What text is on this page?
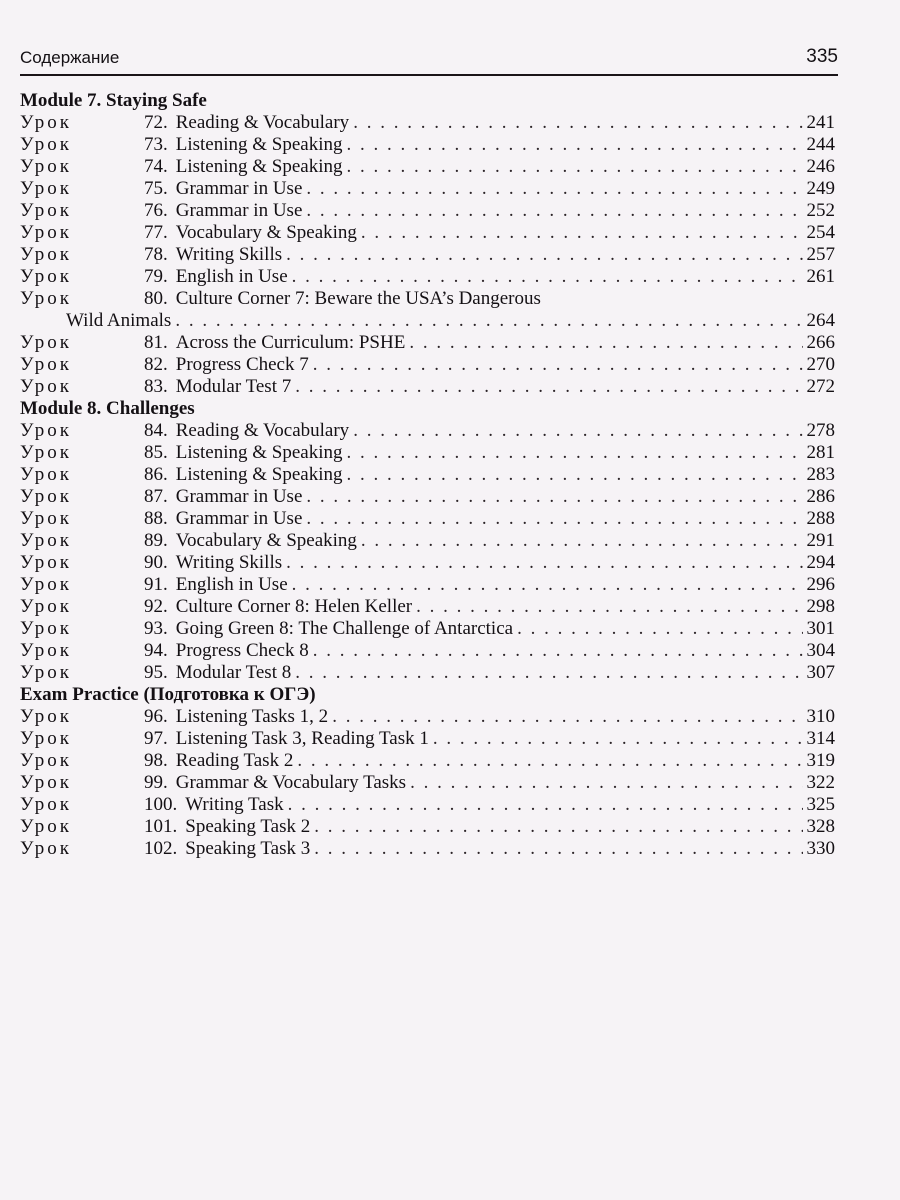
Содержание	335
Module 7. Staying Safe
Урок	72. Reading & Vocabulary . . .	241
Урок	73. Listening & Speaking . . .	244
Урок	74. Listening & Speaking . . .	246
Урок	75. Grammar in Use . . .	249
Урок	76. Grammar in Use . . .	252
Урок	77. Vocabulary & Speaking . . .	254
Урок	78. Writing Skills . . .	257
Урок	79. English in Use . . .	261
Урок	80. Culture Corner 7: Beware the USA’s Dangerous
Wild Animals . . .	264
Урок	81. Across the Curriculum: PSHE . . .	266
Урок	82. Progress Check 7 . . .	270
Урок	83. Modular Test 7 . . .	272
Module 8. Challenges
Урок	84. Reading & Vocabulary . . .	278
Урок	85. Listening & Speaking . . .	281
Урок	86. Listening & Speaking . . .	283
Урок	87. Grammar in Use . . .	286
Урок	88. Grammar in Use . . .	288
Урок	89. Vocabulary & Speaking . . .	291
Урок	90. Writing Skills . . .	294
Урок	91. English in Use . . .	296
Урок	92. Culture Corner 8: Helen Keller . . .	298
Урок	93. Going Green 8: The Challenge of Antarctica . . .	301
Урок	94. Progress Check 8 . . .	304
Урок	95. Modular Test 8 . . .	307
Exam Practice (Подготовка к ОГЭ)
Урок	96. Listening Tasks 1, 2 . . .	310
Урок	97. Listening Task 3, Reading Task 1 . . .	314
Урок	98. Reading Task 2 . . .	319
Урок	99. Grammar & Vocabulary Tasks . . .	322
Урок	100. Writing Task . . .	325
Урок	101. Speaking Task 2 . . .	328
Урок	102. Speaking Task 3 . . .	330
